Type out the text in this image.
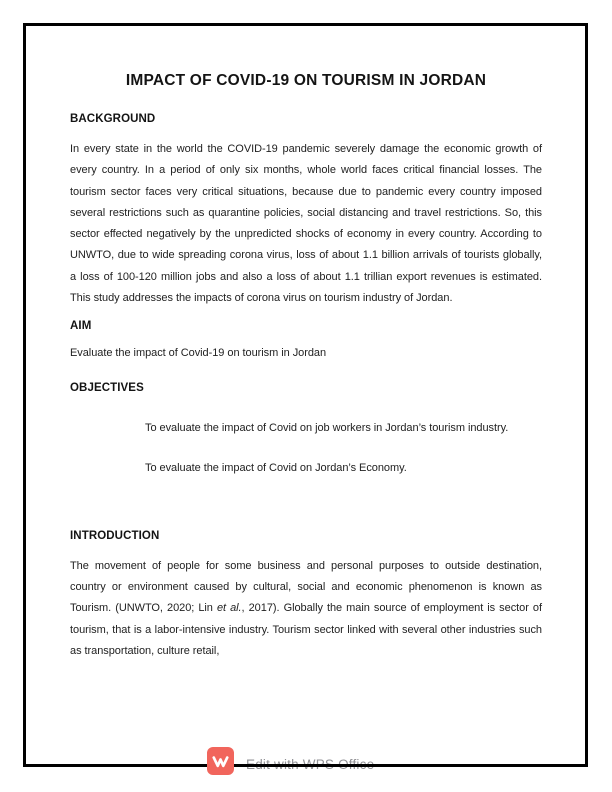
IMPACT OF COVID-19 ON TOURISM IN JORDAN
BACKGROUND

In every state in the world the COVID-19 pandemic severely damage the economic growth of every country. In a period of only six months, whole world faces critical financial losses. The tourism sector faces very critical situations, because due to pandemic every country imposed several restrictions such as quarantine policies, social distancing and travel restrictions. So, this sector effected negatively by the unpredicted shocks of economy in every country. According to UNWTO, due to wide spreading corona virus, loss of about 1.1 billion arrivals of tourists globally, a loss of 100-120 million jobs and also a loss of about 1.1 trillian export revenues is estimated. This study addresses the impacts of corona virus on tourism industry of Jordan.

AIM

Evaluate the impact of Covid-19 on tourism in Jordan

OBJECTIVES

To evaluate the impact of Covid on job workers in Jordan’s tourism industry.

To evaluate the impact of Covid on Jordan’s Economy.

INTRODUCTION

The movement of people for some business and personal purposes to outside destination, country or environment caused by cultural, social and economic phenomenon is known as Tourism. (UNWTO, 2020; Lin et al., 2017). Globally the main source of employment is sector of tourism, that is a labor-intensive industry. Tourism sector linked with several other industries such as transportation, culture retail,

Edit with WPS Office
